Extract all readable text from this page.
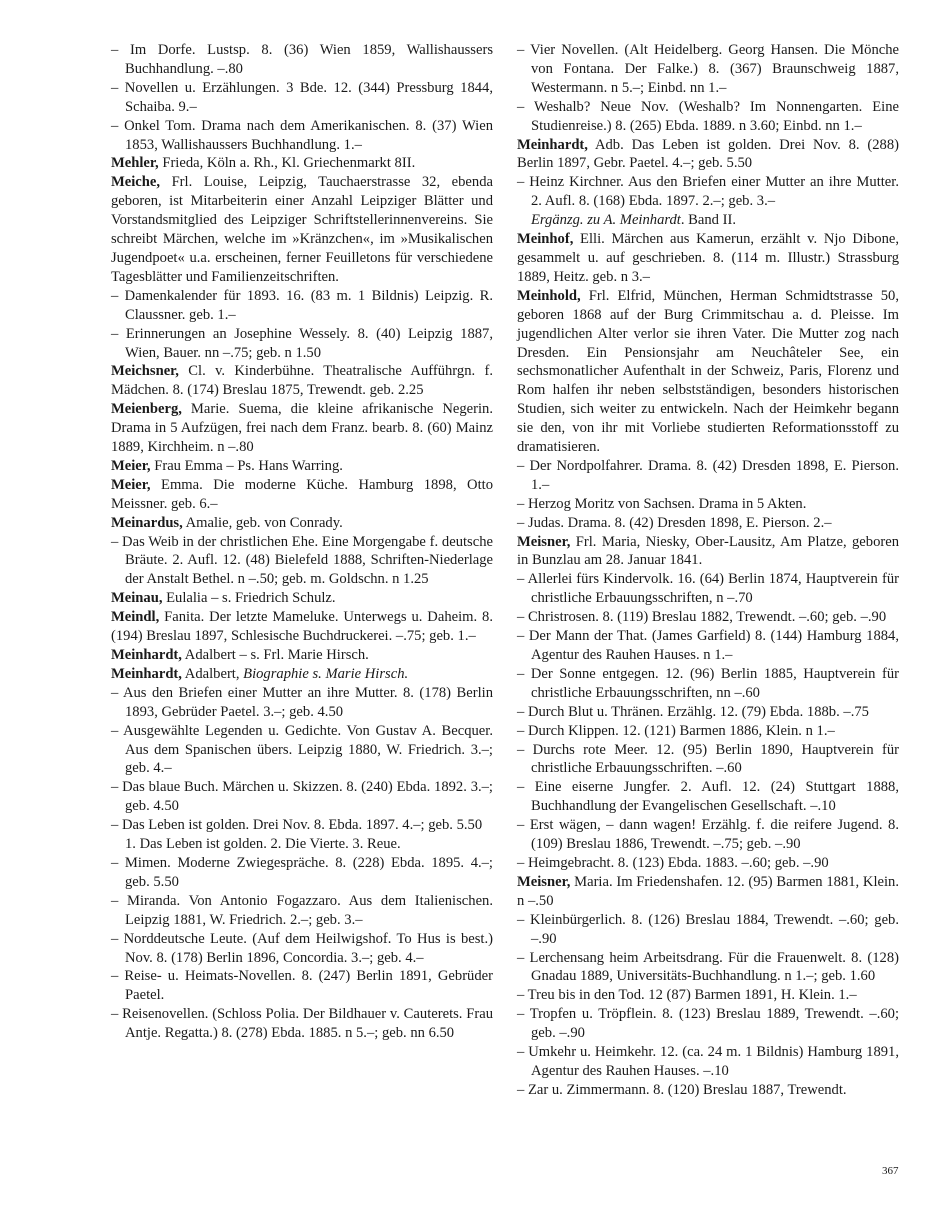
– Im Dorfe. Lustsp. 8. (36) Wien 1859, Wallishaussers Buchhandlung. –.80

– Novellen u. Erzählungen. 3 Bde. 12. (344) Pressburg 1844, Schaiba. 9.–

– Onkel Tom. Drama nach dem Amerikanischen. 8. (37) Wien 1853, Wallishaussers Buchhandlung. 1.–

Mehler, Frieda, Köln a. Rh., Kl. Griechenmarkt 8II.

Meiche, Frl. Louise, Leipzig, Tauchaerstrasse 32, ebenda geboren, ist Mitarbeiterin einer Anzahl Leipziger Blätter und Vorstandsmitglied des Leipziger Schriftstellerinnenvereins. Sie schreibt Märchen, welche im »Kränzchen«, im »Musikalischen Jugendpoet« u.a. erscheinen, ferner Feuilletons für verschiedene Tagesblätter und Familienzeitschriften.

– Damenkalender für 1893. 16. (83 m. 1 Bildnis) Leipzig. R. Claussner. geb. 1.–

– Erinnerungen an Josephine Wessely. 8. (40) Leipzig 1887, Wien, Bauer. nn –.75; geb. n 1.50

Meichsner, Cl. v. Kinderbühne. Theatralische Aufführgn. f. Mädchen. 8. (174) Breslau 1875, Trewendt. geb. 2.25

Meienberg, Marie. Suema, die kleine afrikanische Negerin. Drama in 5 Aufzügen, frei nach dem Franz. bearb. 8. (60) Mainz 1889, Kirchheim. n –.80

Meier, Frau Emma – Ps. Hans Warring.

Meier, Emma. Die moderne Küche. Hamburg 1898, Otto Meissner. geb. 6.–

Meinardus, Amalie, geb. von Conrady.

– Das Weib in der christlichen Ehe. Eine Morgengabe f. deutsche Bräute. 2. Aufl. 12. (48) Bielefeld 1888, Schriften-Niederlage der Anstalt Bethel. n –.50; geb. m. Goldschn. n 1.25

Meinau, Eulalia – s. Friedrich Schulz.

Meindl, Fanita. Der letzte Mameluke. Unterwegs u. Daheim. 8. (194) Breslau 1897, Schlesische Buchdruckerei. –.75; geb. 1.–

Meinhardt, Adalbert – s. Frl. Marie Hirsch.

Meinhardt, Adalbert, Biographie s. Marie Hirsch.

– Aus den Briefen einer Mutter an ihre Mutter. 8. (178) Berlin 1893, Gebrüder Paetel. 3.–; geb. 4.50

– Ausgewählte Legenden u. Gedichte. Von Gustav A. Becquer. Aus dem Spanischen übers. Leipzig 1880, W. Friedrich. 3.–; geb. 4.–

– Das blaue Buch. Märchen u. Skizzen. 8. (240) Ebda. 1892. 3.–; geb. 4.50

– Das Leben ist golden. Drei Nov. 8. Ebda. 1897. 4.–; geb. 5.50

1. Das Leben ist golden. 2. Die Vierte. 3. Reue.

– Mimen. Moderne Zwiegespräche. 8. (228) Ebda. 1895. 4.–; geb. 5.50

– Miranda. Von Antonio Fogazzaro. Aus dem Italienischen. Leipzig 1881, W. Friedrich. 2.–; geb. 3.–

– Norddeutsche Leute. (Auf dem Heilwigshof. To Hus is best.) Nov. 8. (178) Berlin 1896, Concordia. 3.–; geb. 4.–

– Reise- u. Heimats-Novellen. 8. (247) Berlin 1891, Gebrüder Paetel.

– Reisenovellen. (Schloss Polia. Der Bildhauer v. Cauterets. Frau Antje. Regatta.) 8. (278) Ebda. 1885. n 5.–; geb. nn 6.50

– Vier Novellen. (Alt Heidelberg. Georg Hansen. Die Mönche von Fontana. Der Falke.) 8. (367) Braunschweig 1887, Westermann. n 5.–; Einbd. nn 1.–

– Weshalb? Neue Nov. (Weshalb? Im Nonnengarten. Eine Studienreise.) 8. (265) Ebda. 1889. n 3.60; Einbd. nn 1.–

Meinhardt, Adb. Das Leben ist golden. Drei Nov. 8. (288) Berlin 1897, Gebr. Paetel. 4.–; geb. 5.50

– Heinz Kirchner. Aus den Briefen einer Mutter an ihre Mutter. 2. Aufl. 8. (168) Ebda. 1897. 2.–; geb. 3.–

Ergänzg. zu A. Meinhardt. Band II.

Meinhof, Elli. Märchen aus Kamerun, erzählt v. Njo Dibone, gesammelt u. auf geschrieben. 8. (114 m. Illustr.) Strassburg 1889, Heitz. geb. n 3.–

Meinhold, Frl. Elfrid, München, Herman Schmidtstrasse 50, geboren 1868 auf der Burg Crimmitschau a. d. Pleisse. Im jugendlichen Alter verlor sie ihren Vater. Die Mutter zog nach Dresden. Ein Pensionsjahr am Neuchâteler See, ein sechsmonatlicher Aufenthalt in der Schweiz, Paris, Florenz und Rom halfen ihr neben selbstständigen, besonders historischen Studien, sich weiter zu entwickeln. Nach der Heimkehr begann sie den, von ihr mit Vorliebe studierten Reformationsstoff zu dramatisieren.

– Der Nordpolfahrer. Drama. 8. (42) Dresden 1898, E. Pierson. 1.–

– Herzog Moritz von Sachsen. Drama in 5 Akten.

– Judas. Drama. 8. (42) Dresden 1898, E. Pierson. 2.–

Meisner, Frl. Maria, Niesky, Ober-Lausitz, Am Platze, geboren in Bunzlau am 28. Januar 1841.

– Allerlei fürs Kindervolk. 16. (64) Berlin 1874, Hauptverein für christliche Erbauungsschriften, n –.70

– Christrosen. 8. (119) Breslau 1882, Trewendt. –.60; geb. –.90

– Der Mann der That. (James Garfield) 8. (144) Hamburg 1884, Agentur des Rauhen Hauses. n 1.–

– Der Sonne entgegen. 12. (96) Berlin 1885, Hauptverein für christliche Erbauungsschriften, nn –.60

– Durch Blut u. Thränen. Erzählg. 12. (79) Ebda. 188b. –.75

– Durch Klippen. 12. (121) Barmen 1886, Klein. n 1.–

– Durchs rote Meer. 12. (95) Berlin 1890, Hauptverein für christliche Erbauungsschriften. –.60

– Eine eiserne Jungfer. 2. Aufl. 12. (24) Stuttgart 1888, Buchhandlung der Evangelischen Gesellschaft. –.10

– Erst wägen, – dann wagen! Erzählg. f. die reifere Jugend. 8. (109) Breslau 1886, Trewendt. –.75; geb. –.90

– Heimgebracht. 8. (123) Ebda. 1883. –.60; geb. –.90

Meisner, Maria. Im Friedenshafen. 12. (95) Barmen 1881, Klein. n –.50

– Kleinbürgerlich. 8. (126) Breslau 1884, Trewendt. –.60; geb. –.90

– Lerchensang heim Arbeitsdrang. Für die Frauenwelt. 8. (128) Gnadau 1889, Universitäts-Buchhandlung. n 1.–; geb. 1.60

– Treu bis in den Tod. 12 (87) Barmen 1891, H. Klein. 1.–

– Tropfen u. Tröpflein. 8. (123) Breslau 1889, Trewendt. –.60; geb. –.90

– Umkehr u. Heimkehr. 12. (ca. 24 m. 1 Bildnis) Hamburg 1891, Agentur des Rauhen Hauses. –.10

– Zar u. Zimmermann. 8. (120) Breslau 1887, Trewendt.

367
